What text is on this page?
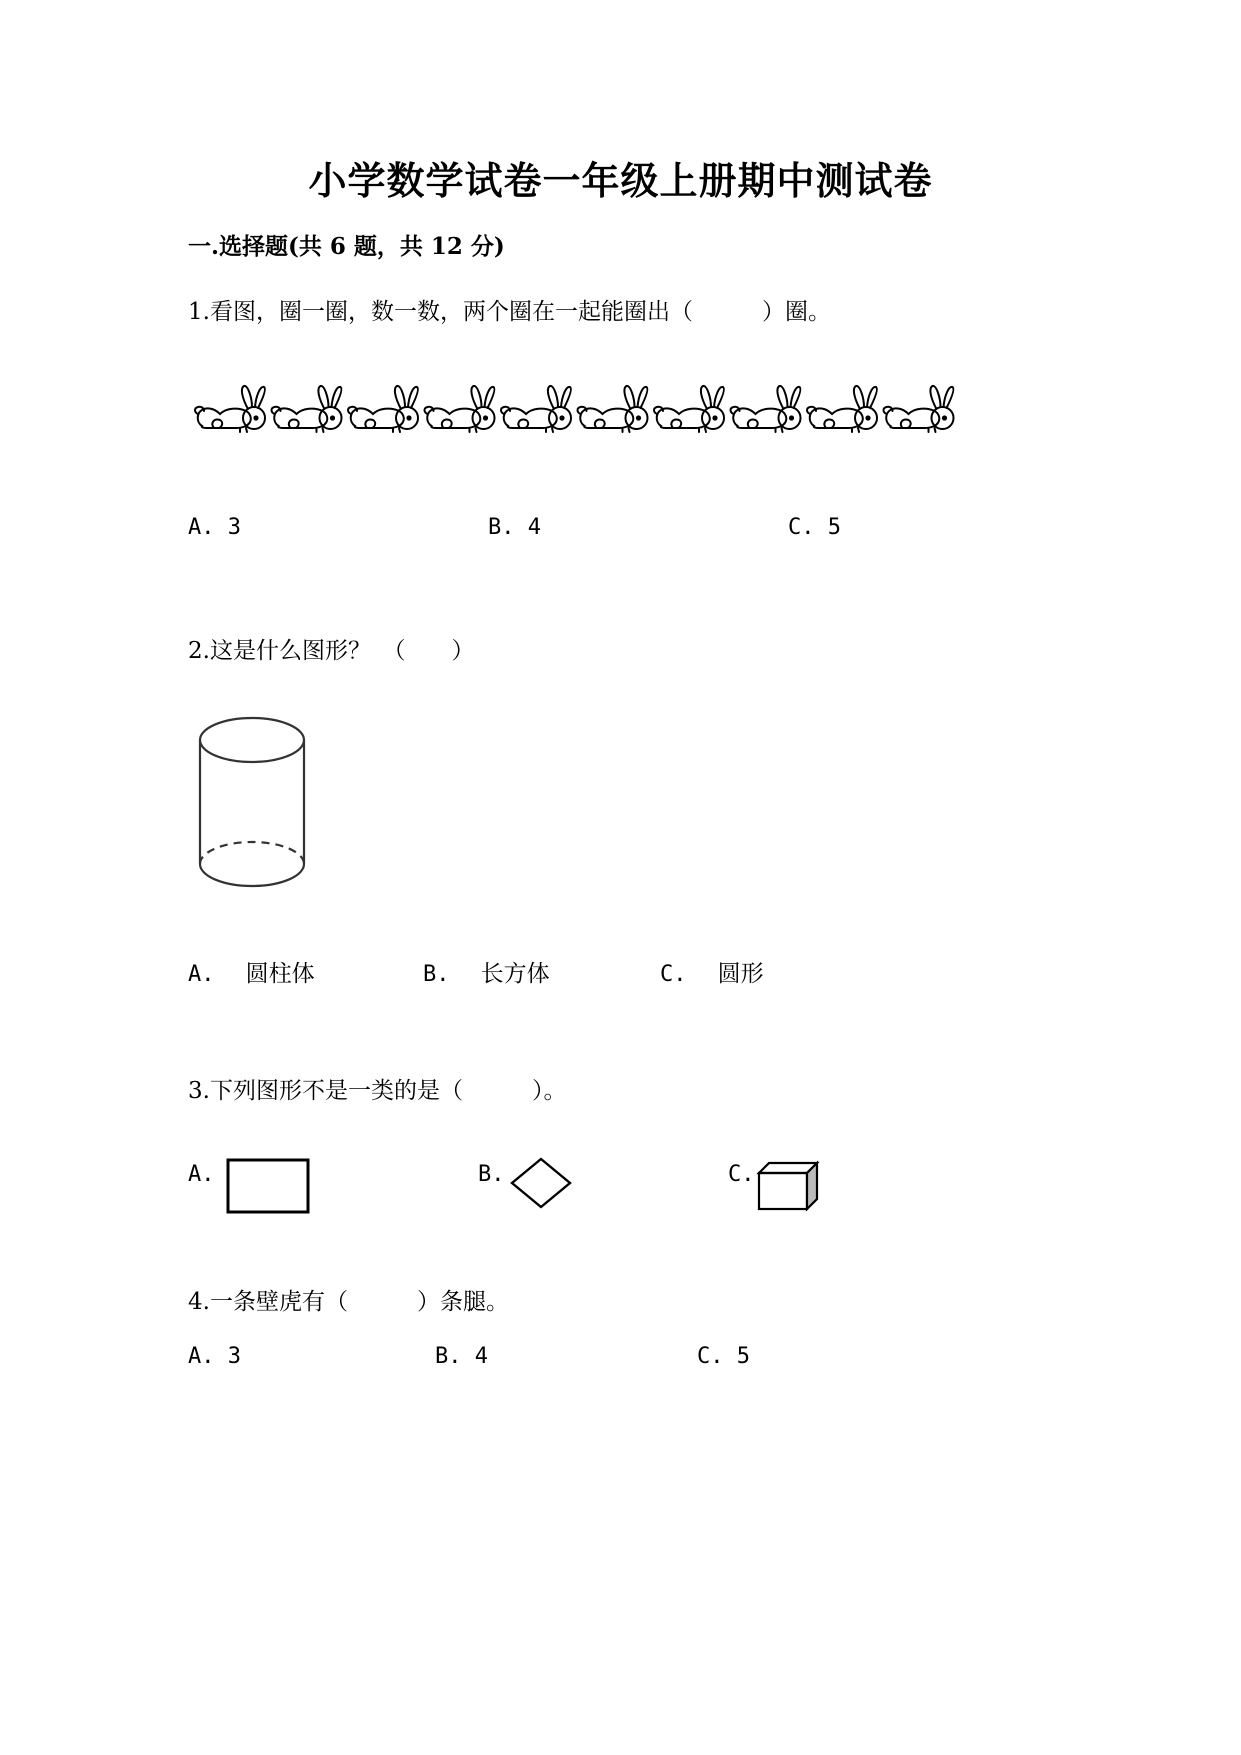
小学数学试卷一年级上册期中测试卷
一.选择题(共 6 题，共 12 分)
1.看图，圈一圈，数一数，两个圈在一起能圈出（　　　）圈。
A. 3	B. 4	C. 5
2.这是什么图形？　（　　）
A. 圆柱体	B. 长方体	C. 圆形
3.下列图形不是一类的是（　　　）。
A.	B.	C.
4.一条壁虎有（　　　）条腿。
A. 3	B. 4	C. 5
